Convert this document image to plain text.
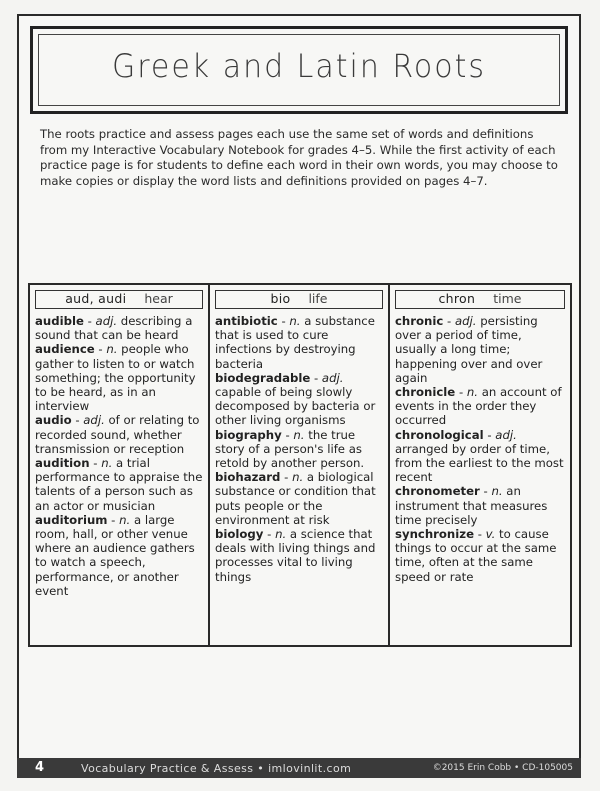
Greek and Latin Roots

The roots practice and assess pages each use the same set of words and definitions from my Interactive Vocabulary Notebook for grades 4–5. While the first activity of each practice page is for students to define each word in their own words, you may choose to make copies or display the word lists and definitions provided on pages 4–7.

aud, audi hear
audible - adj. describing a sound that can be heard
audience - n. people who gather to listen to or watch something; the opportunity to be heard, as in an interview
audio - adj. of or relating to recorded sound, whether transmission or reception
audition - n. a trial performance to appraise the talents of a person such as an actor or musician
auditorium - n. a large room, hall, or other venue where an audience gathers to watch a speech, performance, or another event
bio life
antibiotic - n. a substance that is used to cure infections by destroying bacteria
biodegradable - adj. capable of being slowly decomposed by bacteria or other living organisms
biography - n. the true story of a person's life as retold by another person.
biohazard - n. a biological substance or condition that puts people or the environment at risk
biology - n. a science that deals with living things and processes vital to living things
chron time
chronic - adj. persisting over a period of time, usually a long time; happening over and over again
chronicle - n. an account of events in the order they occurred
chronological - adj. arranged by order of time, from the earliest to the most recent
chronometer - n. an instrument that measures time precisely
synchronize - v. to cause things to occur at the same time, often at the same speed or rate
4	Vocabulary Practice & Assess • imlovinlit.com	©2015 Erin Cobb • CD-105005
